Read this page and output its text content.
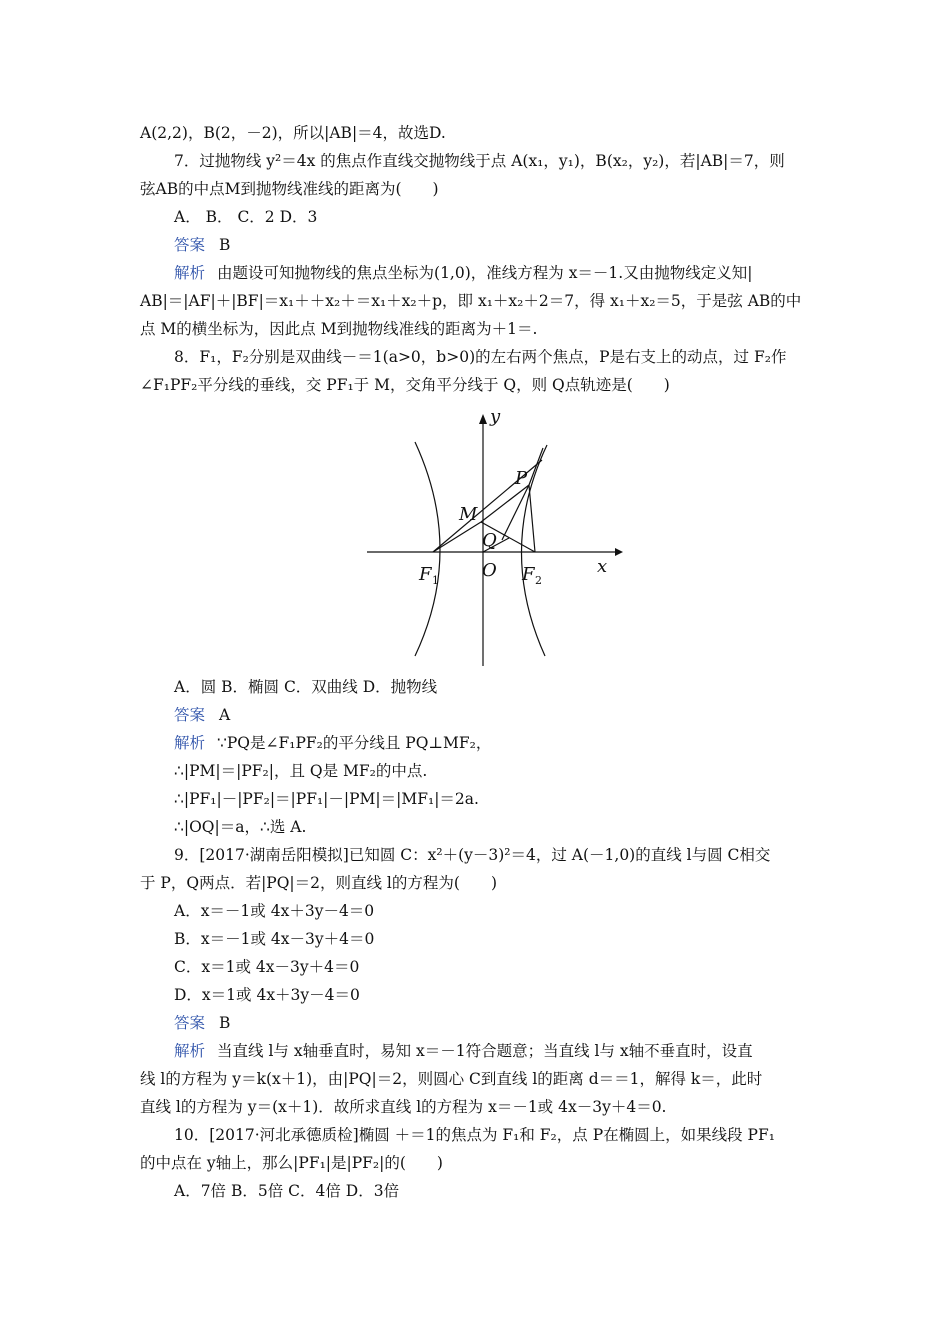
A(2,2)，B(2，－2)，所以|AB|＝4，故选D.
7．过抛物线 y²＝4x 的焦点作直线交抛物线于点 A(x₁，y₁)，B(x₂，y₂)，若|AB|＝7，则
弦AB的中点M到抛物线准线的距离为(　　)
A． B． C．2 D．3
答案 B
解析 由题设可知抛物线的焦点坐标为(1,0)，准线方程为 x＝－1.又由抛物线定义知|
AB|＝|AF|＋|BF|＝x₁＋＋x₂＋＝x₁＋x₂＋p，即 x₁＋x₂＋2＝7，得 x₁＋x₂＝5，于是弦 AB的中
点 M的横坐标为，因此点 M到抛物线准线的距离为＋1＝.
8．F₁，F₂分别是双曲线－＝1(a>0，b>0)的左右两个焦点，P是右支上的动点，过 F₂作
∠F₁PF₂平分线的垂线，交 PF₁于 M，交角平分线于 Q，则 Q点轨迹是(　　)
y
x
P
M
Q
O
F 1	F 2
A．圆 B．椭圆 C．双曲线 D．抛物线
答案 A
解析 ∵PQ是∠F₁PF₂的平分线且 PQ⊥MF₂，
∴|PM|＝|PF₂|，且 Q是 MF₂的中点.
∴|PF₁|－|PF₂|＝|PF₁|－|PM|＝|MF₁|＝2a.
∴|OQ|＝a，∴选 A.
9．[2017·湖南岳阳模拟]已知圆 C：x²＋(y－3)²＝4，过 A(－1,0)的直线 l与圆 C相交
于 P，Q两点．若|PQ|＝2，则直线 l的方程为(　　)
A．x＝－1或 4x＋3y－4＝0
B．x＝－1或 4x－3y＋4＝0
C．x＝1或 4x－3y＋4＝0
D．x＝1或 4x＋3y－4＝0
答案 B
解析 当直线 l与 x轴垂直时，易知 x＝－1符合题意；当直线 l与 x轴不垂直时，设直
线 l的方程为 y＝k(x＋1)，由|PQ|＝2，则圆心 C到直线 l的距离 d＝＝1，解得 k＝，此时
直线 l的方程为 y＝(x＋1)．故所求直线 l的方程为 x＝－1或 4x－3y＋4＝0.
10．[2017·河北承德质检]椭圆 ＋＝1的焦点为 F₁和 F₂，点 P在椭圆上，如果线段 PF₁
的中点在 y轴上，那么|PF₁|是|PF₂|的(　　)
A．7倍 B．5倍 C．4倍 D．3倍
